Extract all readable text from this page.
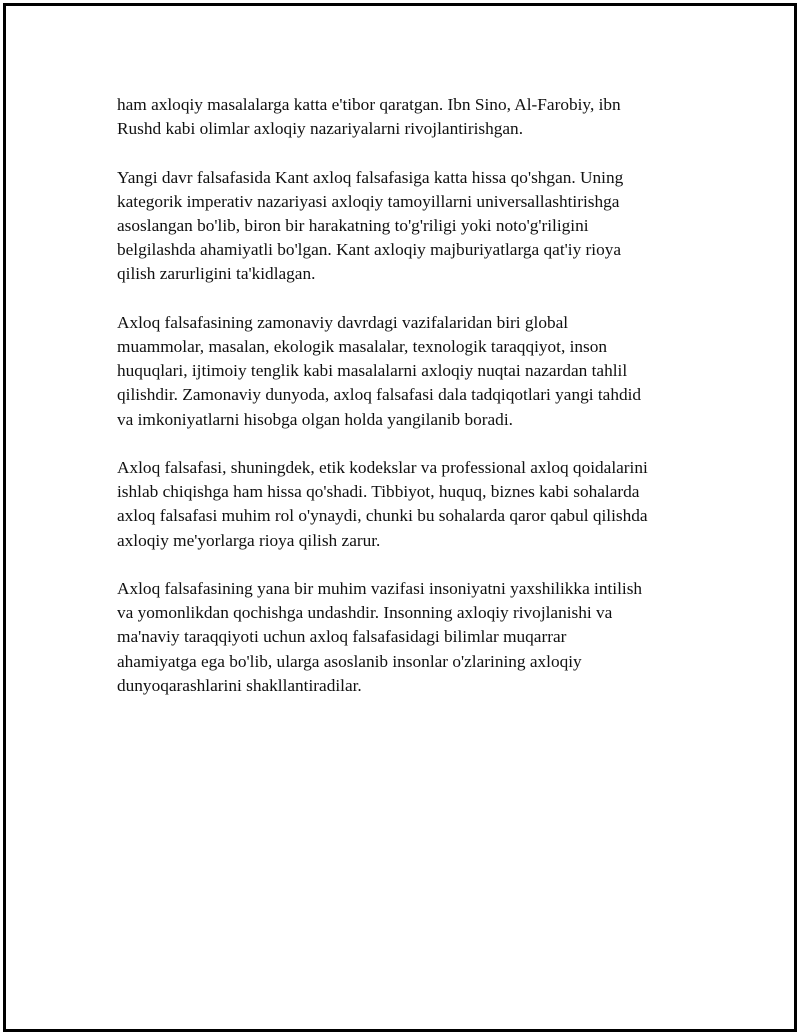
ham axloqiy masalalarga katta e'tibor qaratgan. Ibn Sino, Al-Farobiy, ibn
Rushd kabi olimlar axloqiy nazariyalarni rivojlantirishgan.

Yangi davr falsafasida Kant axloq falsafasiga katta hissa qo'shgan. Uning
kategorik imperativ nazariyasi axloqiy tamoyillarni universallashtirishga
asoslangan bo'lib, biron bir harakatning to'g'riligi yoki noto'g'riligini
belgilashda ahamiyatli bo'lgan. Kant axloqiy majburiyatlarga qat'iy rioya
qilish zarurligini ta'kidlagan.

Axloq falsafasining zamonaviy davrdagi vazifalaridan biri global
muammolar, masalan, ekologik masalalar, texnologik taraqqiyot, inson
huquqlari, ijtimoiy tenglik kabi masalalarni axloqiy nuqtai nazardan tahlil
qilishdir. Zamonaviy dunyoda, axloq falsafasi dala tadqiqotlari yangi tahdid
va imkoniyatlarni hisobga olgan holda yangilanib boradi.

Axloq falsafasi, shuningdek, etik kodekslar va professional axloq qoidalarini
ishlab chiqishga ham hissa qo'shadi. Tibbiyot, huquq, biznes kabi sohalarda
axloq falsafasi muhim rol o'ynaydi, chunki bu sohalarda qaror qabul qilishda
axloqiy me'yorlarga rioya qilish zarur.

Axloq falsafasining yana bir muhim vazifasi insoniyatni yaxshilikka intilish
va yomonlikdan qochishga undashdir. Insonning axloqiy rivojlanishi va
ma'naviy taraqqiyoti uchun axloq falsafasidagi bilimlar muqarrar
ahamiyatga ega bo'lib, ularga asoslanib insonlar o'zlarining axloqiy
dunyoqarashlarini shakllantiradilar.
